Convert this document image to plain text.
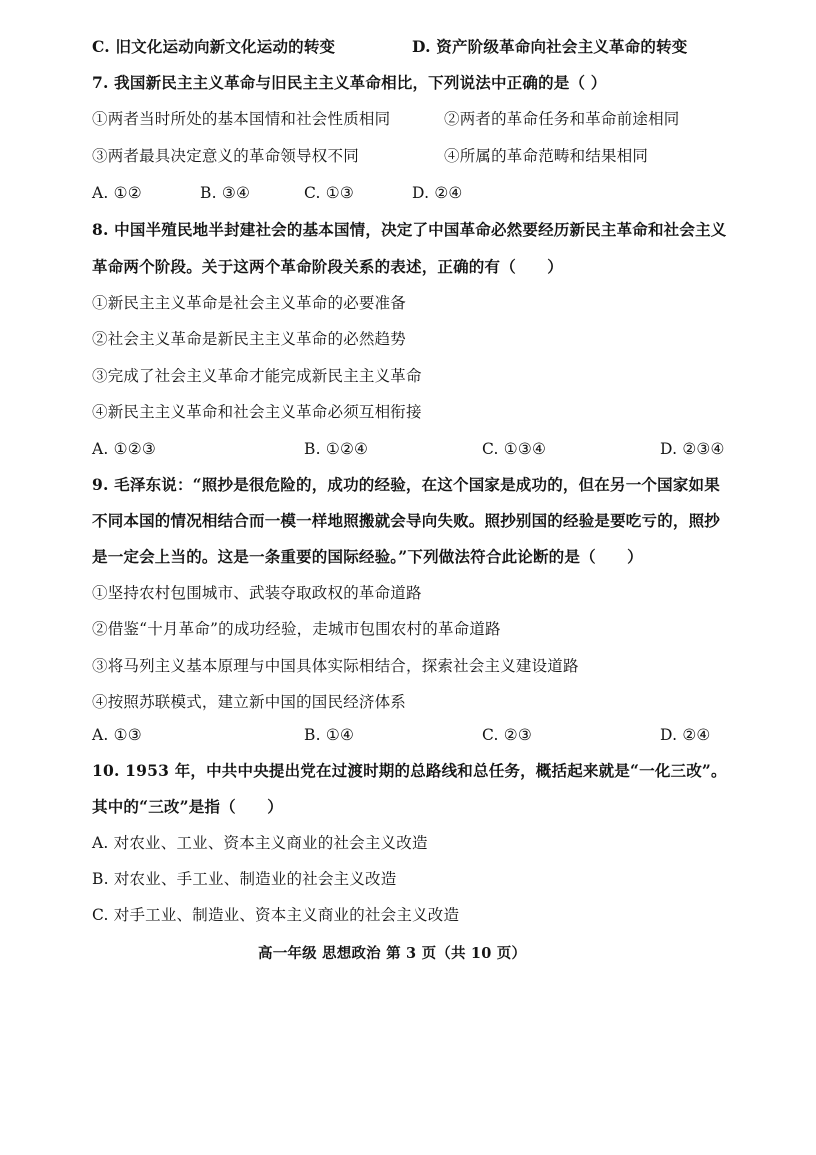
C. 旧文化运动向新文化运动的转变	D. 资产阶级革命向社会主义革命的转变
7. 我国新民主主义革命与旧民主主义革命相比，下列说法中正确的是（ ）
①两者当时所处的基本国情和社会性质相同	②两者的革命任务和革命前途相同
③两者最具决定意义的革命领导权不同	④所属的革命范畴和结果相同
A. ①②	B. ③④	C. ①③	D. ②④
8. 中国半殖民地半封建社会的基本国情，决定了中国革命必然要经历新民主革命和社会主义
革命两个阶段。关于这两个革命阶段关系的表述，正确的有（　　）
①新民主主义革命是社会主义革命的必要准备
②社会主义革命是新民主主义革命的必然趋势
③完成了社会主义革命才能完成新民主主义革命
④新民主主义革命和社会主义革命必须互相衔接
A. ①②③	B. ①②④	C. ①③④	D. ②③④
9. 毛泽东说：“照抄是很危险的，成功的经验，在这个国家是成功的，但在另一个国家如果
不同本国的情况相结合而一模一样地照搬就会导向失败。照抄别国的经验是要吃亏的，照抄
是一定会上当的。这是一条重要的国际经验。”下列做法符合此论断的是（　　）
①坚持农村包围城市、武装夺取政权的革命道路
②借鉴“十月革命”的成功经验，走城市包围农村的革命道路
③将马列主义基本原理与中国具体实际相结合，探索社会主义建设道路
④按照苏联模式，建立新中国的国民经济体系
A. ①③	B. ①④	C. ②③	D. ②④
10. 1953 年，中共中央提出党在过渡时期的总路线和总任务，概括起来就是“一化三改”。
其中的“三改”是指（　　）
A. 对农业、工业、资本主义商业的社会主义改造
B. 对农业、手工业、制造业的社会主义改造
C. 对手工业、制造业、资本主义商业的社会主义改造
高一年级 思想政治 第 3 页（共 10 页）
